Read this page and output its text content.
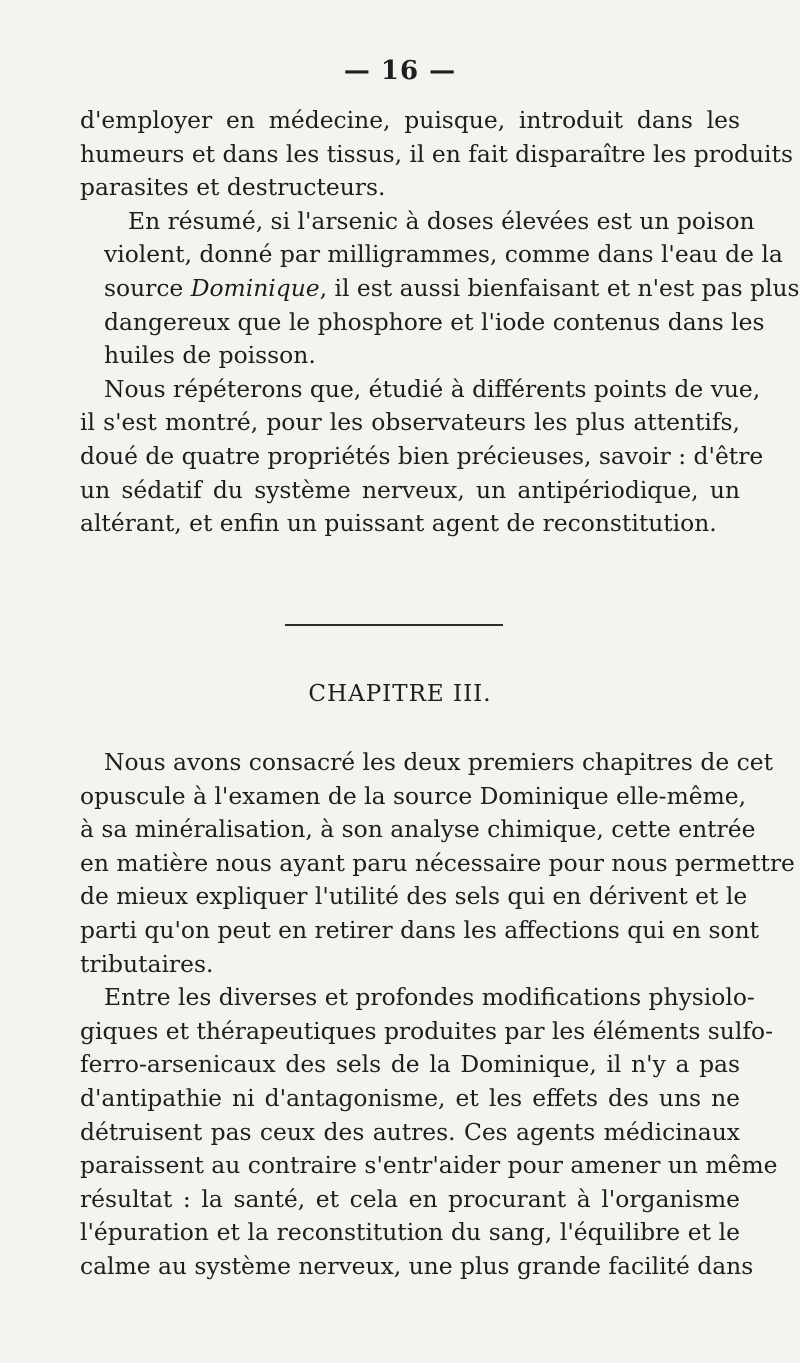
— 16 —

d'employer en médecine, puisque, introduit dans les
humeurs et dans les tissus, il en fait disparaître les produits
parasites et destructeurs.

En résumé, si l'arsenic à doses élevées est un poison
violent, donné par milligrammes, comme dans l'eau de la
source Dominique, il est aussi bienfaisant et n'est pas plus
dangereux que le phosphore et l'iode contenus dans les
huiles de poisson.

Nous répéterons que, étudié à différents points de vue,
il s'est montré, pour les observateurs les plus attentifs,
doué de quatre propriétés bien précieuses, savoir : d'être
un sédatif du système nerveux, un antipériodique, un
altérant, et enfin un puissant agent de reconstitution.

CHAPITRE III.

Nous avons consacré les deux premiers chapitres de cet
opuscule à l'examen de la source Dominique elle-même,
à sa minéralisation, à son analyse chimique, cette entrée
en matière nous ayant paru nécessaire pour nous permettre
de mieux expliquer l'utilité des sels qui en dérivent et le
parti qu'on peut en retirer dans les affections qui en sont
tributaires.

Entre les diverses et profondes modifications physiolo-
giques et thérapeutiques produites par les éléments sulfo-
ferro-arsenicaux des sels de la Dominique, il n'y a pas
d'antipathie ni d'antagonisme, et les effets des uns ne
détruisent pas ceux des autres. Ces agents médicinaux
paraissent au contraire s'entr'aider pour amener un même
résultat : la santé, et cela en procurant à l'organisme
l'épuration et la reconstitution du sang, l'équilibre et le
calme au système nerveux, une plus grande facilité dans
